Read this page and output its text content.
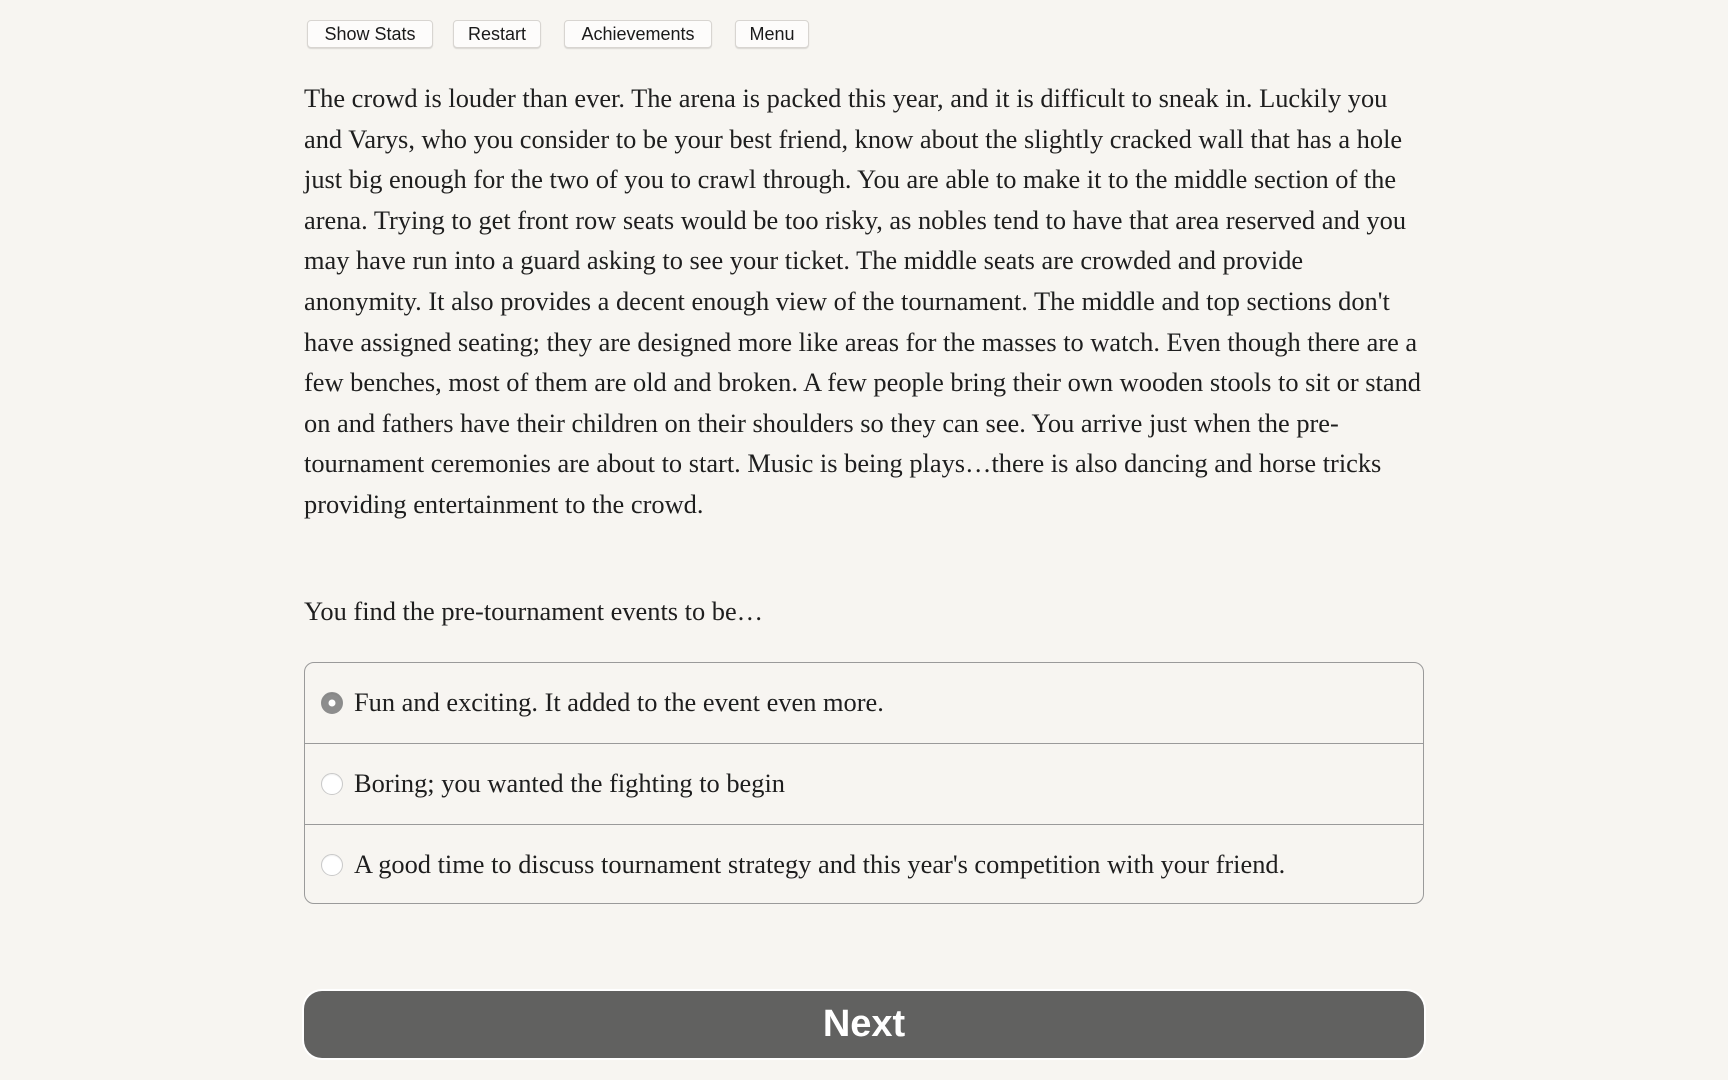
Show Stats	Restart	Achievements	Menu

The crowd is louder than ever. The arena is packed this year, and it is difficult to sneak in. Luckily you and Varys, who you consider to be your best friend, know about the slightly cracked wall that has a hole just big enough for the two of you to crawl through. You are able to make it to the middle section of the arena. Trying to get front row seats would be too risky, as nobles tend to have that area reserved and you may have run into a guard asking to see your ticket. The middle seats are crowded and provide anonymity. It also provides a decent enough view of the tournament. The middle and top sections don't have assigned seating; they are designed more like areas for the masses to watch. Even though there are a few benches, most of them are old and broken. A few people bring their own wooden stools to sit or stand on and fathers have their children on their shoulders so they can see. You arrive just when the pre-tournament ceremonies are about to start. Music is being plays…there is also dancing and horse tricks providing entertainment to the crowd.

You find the pre-tournament events to be…

Fun and exciting. It added to the event even more.
Boring; you wanted the fighting to begin
A good time to discuss tournament strategy and this year's competition with your friend.
Next
